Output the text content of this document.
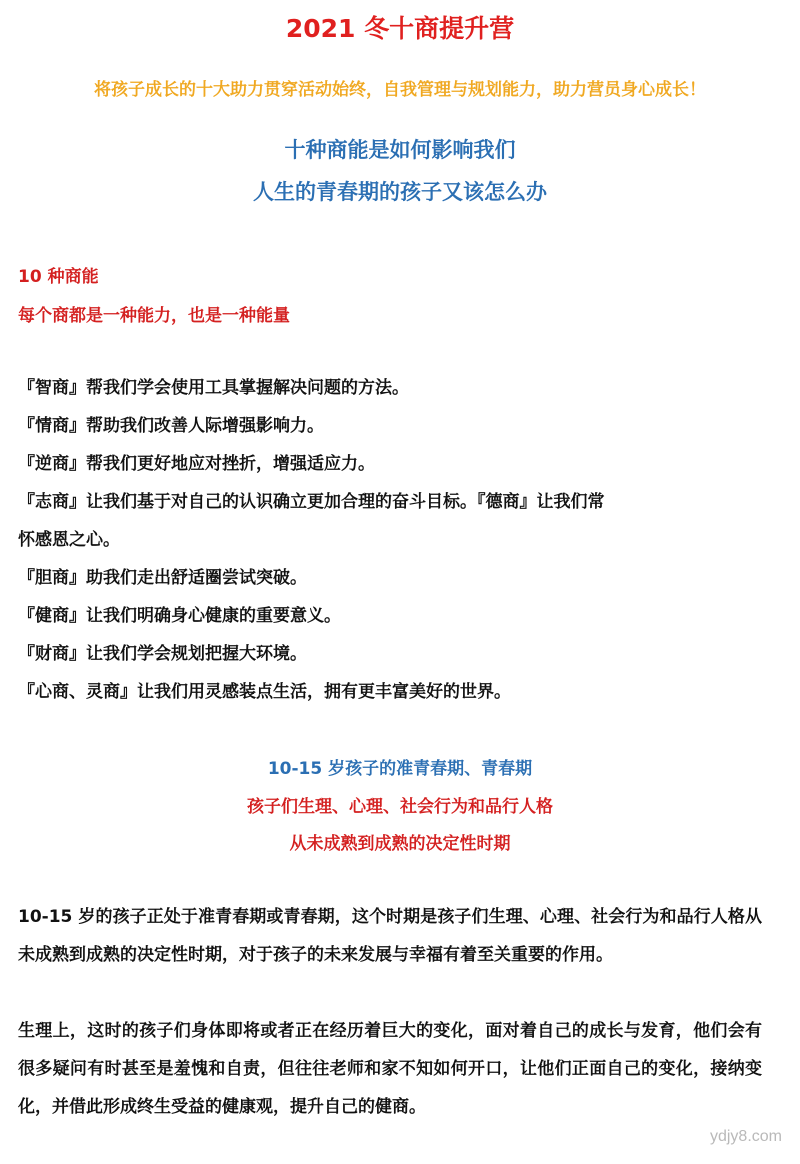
2021 冬十商提升营
将孩子成长的十大助力贯穿活动始终，自我管理与规划能力，助力营员身心成长！
十种商能是如何影响我们
人生的青春期的孩子又该怎么办
10 种商能
每个商都是一种能力，也是一种能量
『智商』帮我们学会使用工具掌握解决问题的方法。
『情商』帮助我们改善人际增强影响力。
『逆商』帮我们更好地应对挫折，增强适应力。
『志商』让我们基于对自己的认识确立更加合理的奋斗目标。『德商』让我们常
怀感恩之心。
『胆商』助我们走出舒适圈尝试突破。
『健商』让我们明确身心健康的重要意义。
『财商』让我们学会规划把握大环境。
『心商、灵商』让我们用灵感装点生活，拥有更丰富美好的世界。
10-15 岁孩子的准青春期、青春期
孩子们生理、心理、社会行为和品行人格
从未成熟到成熟的决定性时期

10-15 岁的孩子正处于准青春期或青春期，这个时期是孩子们生理、心理、社会行为和品行人格从未成熟到成熟的决定性时期，对于孩子的未来发展与幸福有着至关重要的作用。

生理上，这时的孩子们身体即将或者正在经历着巨大的变化，面对着自己的成长与发育，他们会有很多疑问有时甚至是羞愧和自责，但往往老师和家不知如何开口，让他们正面自己的变化，接纳变化，并借此形成终生受益的健康观，提升自己的健商。

ydjy8.com
